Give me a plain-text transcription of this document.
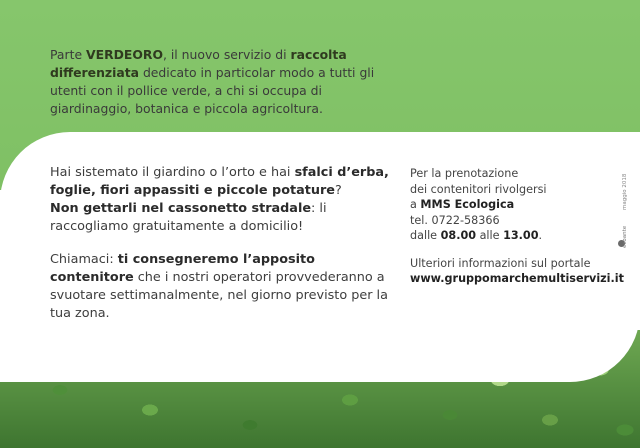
Parte VERDEORO, il nuovo servizio di raccolta differenziata dedicato in particolar modo a tutti gli utenti con il pollice verde, a chi si occupa di giardinaggio, botanica e piccola agricoltura.

Hai sistemato il giardino o l’orto e hai sfalci d’erba, foglie, fiori appassiti e piccole potature?
Non gettarli nel cassonetto stradale: li raccogliamo gratuitamente a domicilio!

Chiamaci: ti consegneremo l’apposito contenitore che i nostri operatori provvederanno a svuotare settimanalmente, nel giorno previsto per la tua zona.

Per la prenotazione
dei contenitori rivolgersi
a MMS Ecologica
tel. 0722-58366
dalle 08.00 alle 13.00.

Ulteriori informazioni sul portale
www.gruppomarchemultiservizi.it

maggio 2018
ecoante
